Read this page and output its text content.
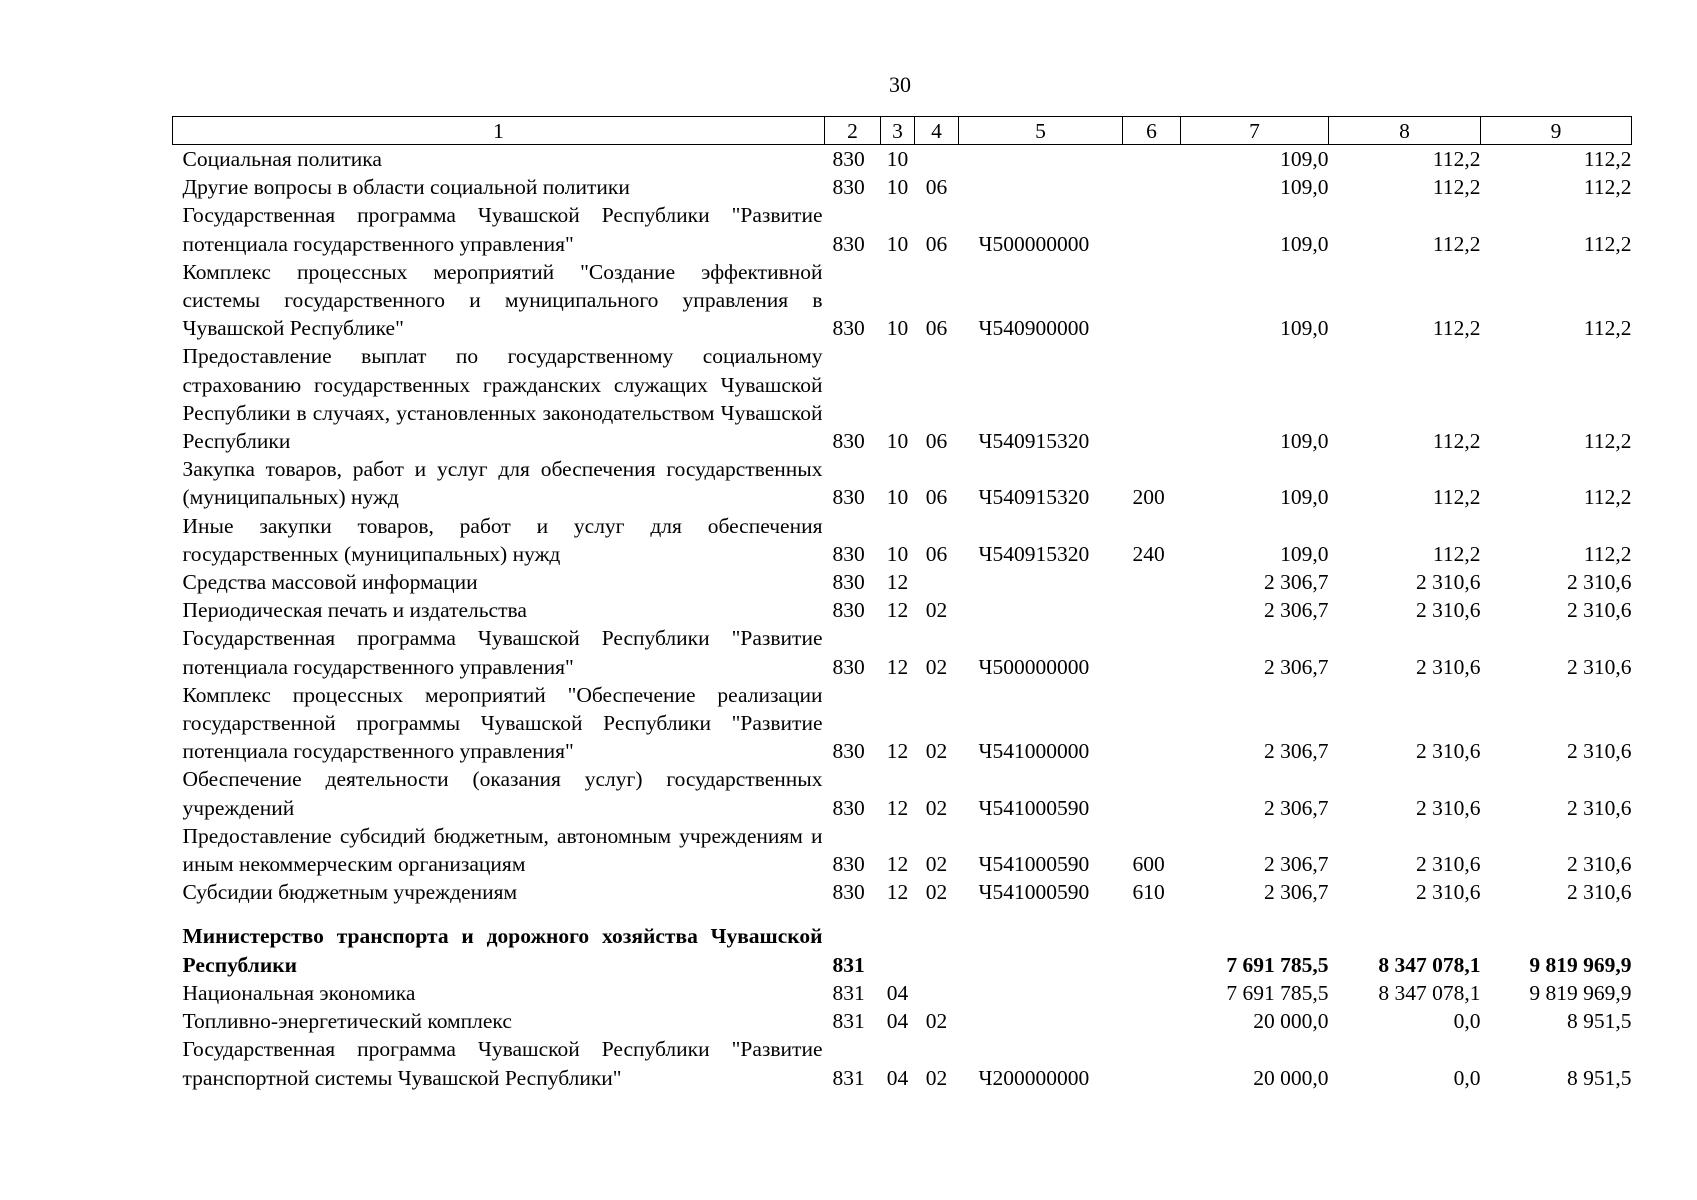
30
1	2	3	4	5	6	7	8	9
Социальная политика	830	10				109,0	112,2	112,2
Другие вопросы в области социальной политики	830	10	06			109,0	112,2	112,2
Государственная программа Чувашской Республики "Развитие потенциала государственного управления"	830	10	06	Ч500000000		109,0	112,2	112,2
Комплекс процессных мероприятий "Создание эффективной системы государственного и муниципального управления в Чувашской Республике"	830	10	06	Ч540900000		109,0	112,2	112,2
Предоставление выплат по государственному социальному страхованию государственных гражданских служащих Чувашской Республики в случаях, установленных законодательством Чувашской Республики	830	10	06	Ч540915320		109,0	112,2	112,2
Закупка товаров, работ и услуг для обеспечения государственных (муниципальных) нужд	830	10	06	Ч540915320	200	109,0	112,2	112,2
Иные закупки товаров, работ и услуг для обеспечения государственных (муниципальных) нужд	830	10	06	Ч540915320	240	109,0	112,2	112,2
Средства массовой информации	830	12				2 306,7	2 310,6	2 310,6
Периодическая печать и издательства	830	12	02			2 306,7	2 310,6	2 310,6
Государственная программа Чувашской Республики "Развитие потенциала государственного управления"	830	12	02	Ч500000000		2 306,7	2 310,6	2 310,6
Комплекс процессных мероприятий "Обеспечение реализации государственной программы Чувашской Республики "Развитие потенциала государственного управления"	830	12	02	Ч541000000		2 306,7	2 310,6	2 310,6
Обеспечение деятельности (оказания услуг) государственных учреждений	830	12	02	Ч541000590		2 306,7	2 310,6	2 310,6
Предоставление субсидий бюджетным, автономным учреждениям и иным некоммерческим организациям	830	12	02	Ч541000590	600	2 306,7	2 310,6	2 310,6
Субсидии бюджетным учреждениям	830	12	02	Ч541000590	610	2 306,7	2 310,6	2 310,6
Министерство транспорта и дорожного хозяйства Чувашской Республики	831					7 691 785,5	8 347 078,1	9 819 969,9
Национальная экономика	831	04				7 691 785,5	8 347 078,1	9 819 969,9
Топливно-энергетический комплекс	831	04	02			20 000,0	0,0	8 951,5
Государственная программа Чувашской Республики "Развитие транспортной системы Чувашской Республики"	831	04	02	Ч200000000		20 000,0	0,0	8 951,5
